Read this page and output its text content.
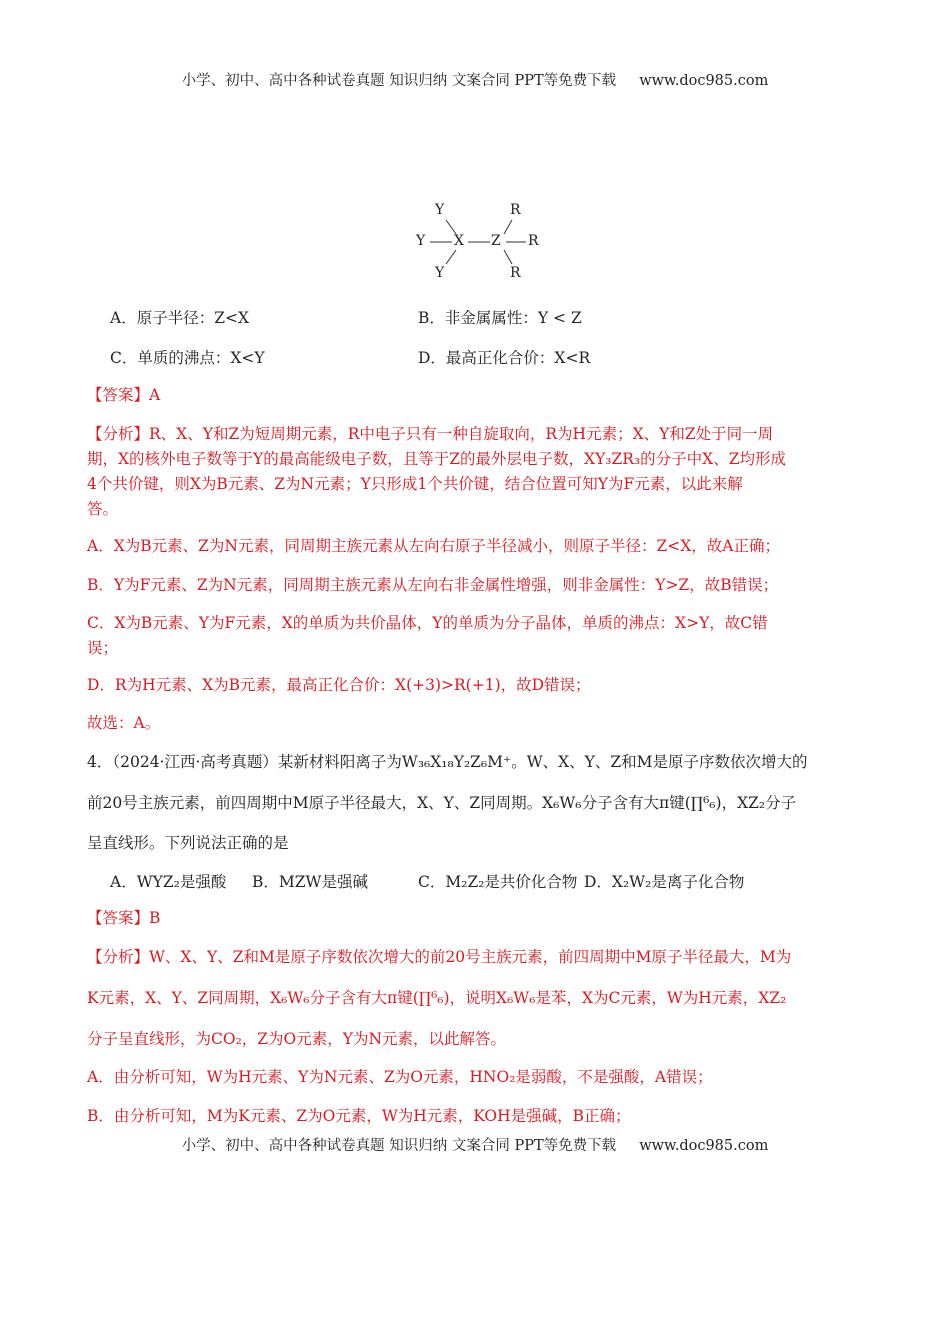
小学、初中、高中各种试卷真题 知识归纳 文案合同 PPT等免费下载     www.doc985.com
Y
Y
Y
X Z
R
R
R
A．原子半径：Z<X	B．非金属属性：Y < Z
C．单质的沸点：X<Y	D．最高正化合价：X<R
【答案】A
【分析】R、X、Y和Z为短周期元素，R中电子只有一种自旋取向，R为H元素；X、Y和Z处于同一周
期，X的核外电子数等于Y的最高能级电子数，且等于Z的最外层电子数，XY₃ZR₃的分子中X、Z均形成
4个共价键，则X为B元素、Z为N元素；Y只形成1个共价键，结合位置可知Y为F元素，以此来解
答。
A．X为B元素、Z为N元素，同周期主族元素从左向右原子半径减小，则原子半径：Z<X，故A正确；
B．Y为F元素、Z为N元素，同周期主族元素从左向右非金属性增强，则非金属性：Y>Z，故B错误；
C．X为B元素、Y为F元素，X的单质为共价晶体，Y的单质为分子晶体，单质的沸点：X>Y，故C错
误；
D．R为H元素、X为B元素，最高正化合价：X(+3)>R(+1)，故D错误；
故选：A。
4．（2024·江西·高考真题）某新材料阳离子为W₃₆X₁₈Y₂Z₆M⁺。W、X、Y、Z和M是原子序数依次增大的
前20号主族元素，前四周期中M原子半径最大，X、Y、Z同周期。X₆W₆分子含有大π键(∏⁶₆)，XZ₂分子
呈直线形。下列说法正确的是
A．WYZ₂是强酸 B．MZW是强碱	C．M₂Z₂是共价化合物 D．X₂W₂是离子化合物
【答案】B
【分析】W、X、Y、Z和M是原子序数依次增大的前20号主族元素，前四周期中M原子半径最大，M为
K元素，X、Y、Z同周期，X₆W₆分子含有大π键(∏⁶₆)，说明X₆W₆是苯，X为C元素，W为H元素，XZ₂
分子呈直线形，为CO₂，Z为O元素，Y为N元素，以此解答。
A．由分析可知，W为H元素、Y为N元素、Z为O元素，HNO₂是弱酸，不是强酸，A错误；
B．由分析可知，M为K元素、Z为O元素，W为H元素，KOH是强碱，B正确；
小学、初中、高中各种试卷真题 知识归纳 文案合同 PPT等免费下载     www.doc985.com
